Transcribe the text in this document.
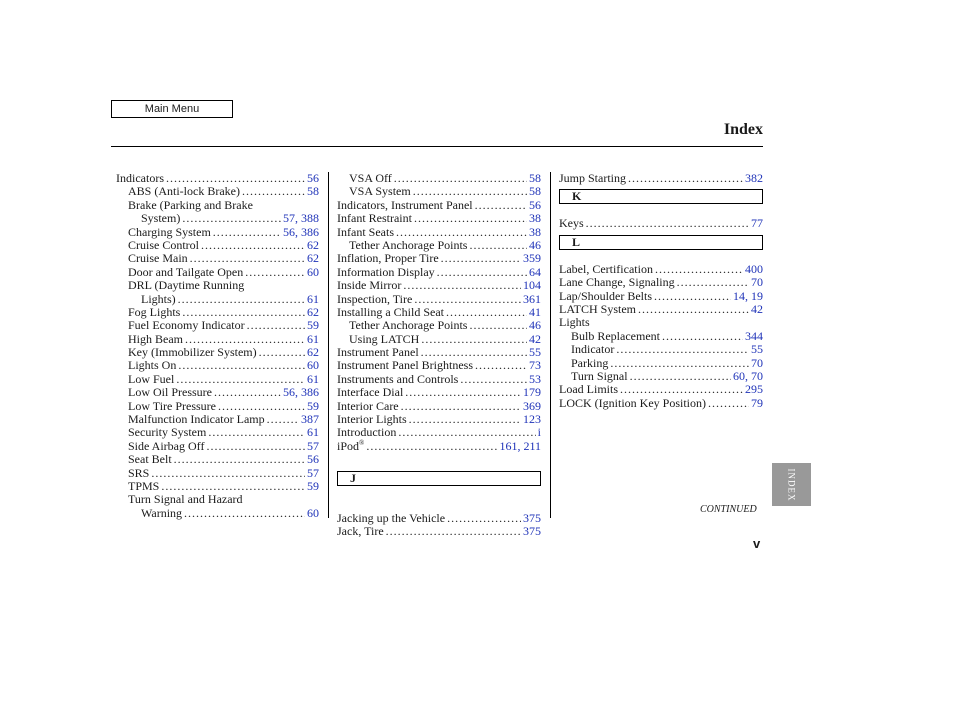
Main Menu
Index
Indicators .....	56
ABS (Anti-lock Brake) .....	58
Brake (Parking and Brake
System) .....	57, 388
Charging System .....	56, 386
Cruise Control .....	62
Cruise Main .....	62
Door and Tailgate Open .....	60
DRL (Daytime Running
Lights) .....	61
Fog Lights .....	62
Fuel Economy Indicator .....	59
High Beam .....	61
Key (Immobilizer System) .....	62
Lights On .....	60
Low Fuel .....	61
Low Oil Pressure .....	56, 386
Low Tire Pressure .....	59
Malfunction Indicator Lamp .....	387
Security System .....	61
Side Airbag Off .....	57
Seat Belt .....	56
SRS .....	57
TPMS .....	59
Turn Signal and Hazard
Warning .....	60
VSA Off .....	58
VSA System .....	58
Indicators, Instrument Panel .....	56
Infant Restraint .....	38
Infant Seats .....	38
Tether Anchorage Points .....	46
Inflation, Proper Tire .....	359
Information Display .....	64
Inside Mirror .....	104
Inspection, Tire .....	361
Installing a Child Seat .....	41
Tether Anchorage Points .....	46
Using LATCH .....	42
Instrument Panel .....	55
Instrument Panel Brightness .....	73
Instruments and Controls .....	53
Interface Dial .....	179
Interior Care .....	369
Interior Lights .....	123
Introduction .....	i
iPod® .....	161, 211
J
Jacking up the Vehicle .....	375
Jack, Tire .....	375
Jump Starting .....	382
K
Keys .....	77
L
Label, Certification .....	400
Lane Change, Signaling .....	70
Lap/Shoulder Belts .....	14, 19
LATCH System .....	42
Lights
Bulb Replacement .....	344
Indicator .....	55
Parking .....	70
Turn Signal .....	60, 70
Load Limits .....	295
LOCK (Ignition Key Position) .....	79
CONTINUED
v
INDEX
